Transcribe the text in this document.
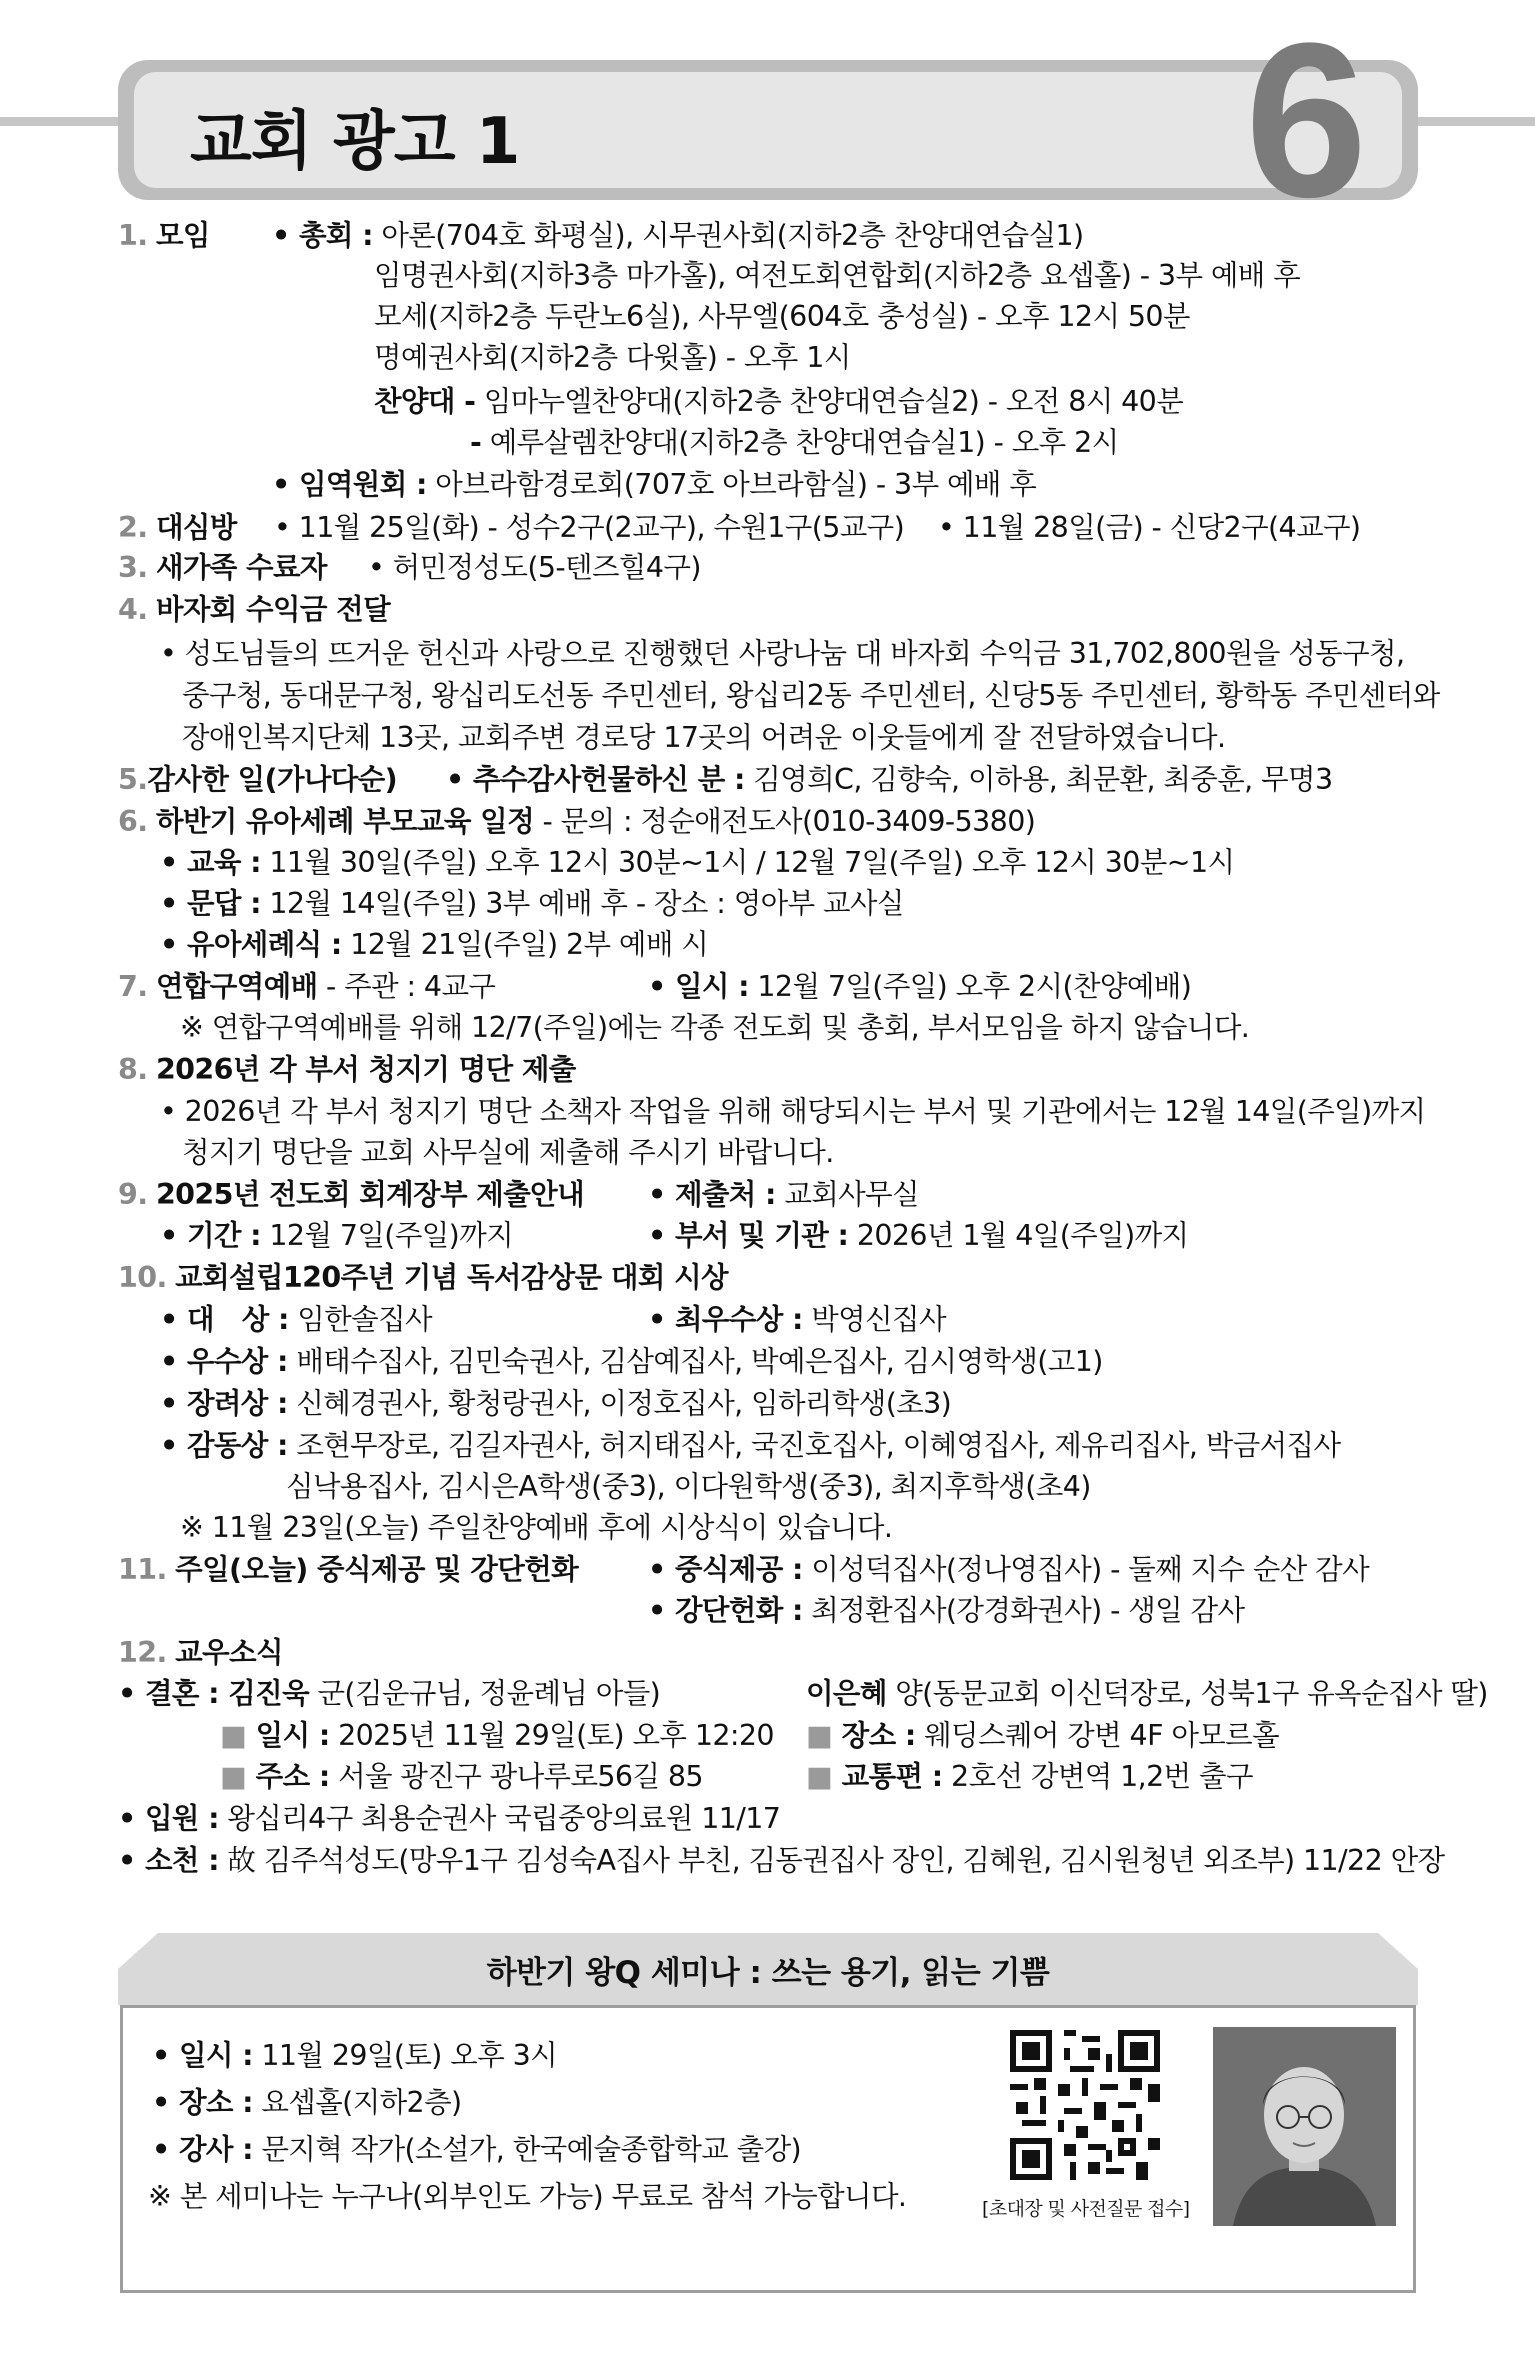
교회 광고 1	6
1. 모임 • 총회 : 아론(704호 화평실), 시무권사회(지하2층 찬양대연습실1)
임명권사회(지하3층 마가홀), 여전도회연합회(지하2층 요셉홀) - 3부 예배 후
모세(지하2층 두란노6실), 사무엘(604호 충성실) - 오후 12시 50분
명예권사회(지하2층 다윗홀) - 오후 1시
찬양대 - 임마누엘찬양대(지하2층 찬양대연습실2) - 오전 8시 40분
- 예루살렘찬양대(지하2층 찬양대연습실1) - 오후 2시
• 임역원회 : 아브라함경로회(707호 아브라함실) - 3부 예배 후
2. 대심방 • 11월 25일(화) - 성수2구(2교구), 수원1구(5교구) • 11월 28일(금) - 신당2구(4교구)
3. 새가족 수료자 • 허민정성도(5-텐즈힐4구)
4. 바자회 수익금 전달
• 성도님들의 뜨거운 헌신과 사랑으로 진행했던 사랑나눔 대 바자회 수익금 31,702,800원을 성동구청,
중구청, 동대문구청, 왕십리도선동 주민센터, 왕십리2동 주민센터, 신당5동 주민센터, 황학동 주민센터와
장애인복지단체 13곳, 교회주변 경로당 17곳의 어려운 이웃들에게 잘 전달하였습니다.
5.감사한 일(가나다순) • 추수감사헌물하신 분 : 김영희C, 김향숙, 이하용, 최문환, 최중훈, 무명3
6. 하반기 유아세례 부모교육 일정 - 문의 : 정순애전도사(010-3409-5380)
• 교육 : 11월 30일(주일) 오후 12시 30분~1시 / 12월 7일(주일) 오후 12시 30분~1시
• 문답 : 12월 14일(주일) 3부 예배 후 - 장소 : 영아부 교사실
• 유아세례식 : 12월 21일(주일) 2부 예배 시
7. 연합구역예배 - 주관 : 4교구	• 일시 : 12월 7일(주일) 오후 2시(찬양예배)
※ 연합구역예배를 위해 12/7(주일)에는 각종 전도회 및 총회, 부서모임을 하지 않습니다.
8. 2026년 각 부서 청지기 명단 제출
• 2026년 각 부서 청지기 명단 소책자 작업을 위해 해당되시는 부서 및 기관에서는 12월 14일(주일)까지
청지기 명단을 교회 사무실에 제출해 주시기 바랍니다.
9. 2025년 전도회 회계장부 제출안내 • 제출처 : 교회사무실
• 기간 : 12월 7일(주일)까지	• 부서 및 기관 : 2026년 1월 4일(주일)까지
10. 교회설립120주년 기념 독서감상문 대회 시상
• 대　상 : 임한솔집사	• 최우수상 : 박영신집사
• 우수상 : 배태수집사, 김민숙권사, 김삼예집사, 박예은집사, 김시영학생(고1)
• 장려상 : 신혜경권사, 황청랑권사, 이정호집사, 임하리학생(초3)
• 감동상 : 조현무장로, 김길자권사, 허지태집사, 국진호집사, 이혜영집사, 제유리집사, 박금서집사
심낙용집사, 김시은A학생(중3), 이다원학생(중3), 최지후학생(초4)
※ 11월 23일(오늘) 주일찬양예배 후에 시상식이 있습니다.
11. 주일(오늘) 중식제공 및 강단헌화 • 중식제공 : 이성덕집사(정나영집사) - 둘째 지수 순산 감사
• 강단헌화 : 최정환집사(강경화권사) - 생일 감사
12. 교우소식
• 결혼 : 김진욱 군(김운규님, 정윤례님 아들)	이은혜 양(동문교회 이신덕장로, 성북1구 유옥순집사 딸)
■ 일시 : 2025년 11월 29일(토) 오후 12:20 ■ 장소 : 웨딩스퀘어 강변 4F 아모르홀
■ 주소 : 서울 광진구 광나루로56길 85	■ 교통편 : 2호선 강변역 1,2번 출구
• 입원 : 왕십리4구 최용순권사 국립중앙의료원 11/17
• 소천 : 故 김주석성도(망우1구 김성숙A집사 부친, 김동권집사 장인, 김혜원, 김시원청년 외조부) 11/22 안장
하반기 왕Q 세미나 : 쓰는 용기, 읽는 기쁨
• 일시 : 11월 29일(토) 오후 3시
• 장소 : 요셉홀(지하2층)
• 강사 : 문지혁 작가(소설가, 한국예술종합학교 출강)
※ 본 세미나는 누구나(외부인도 가능) 무료로 참석 가능합니다.	[초대장 및 사전질문 접수]
